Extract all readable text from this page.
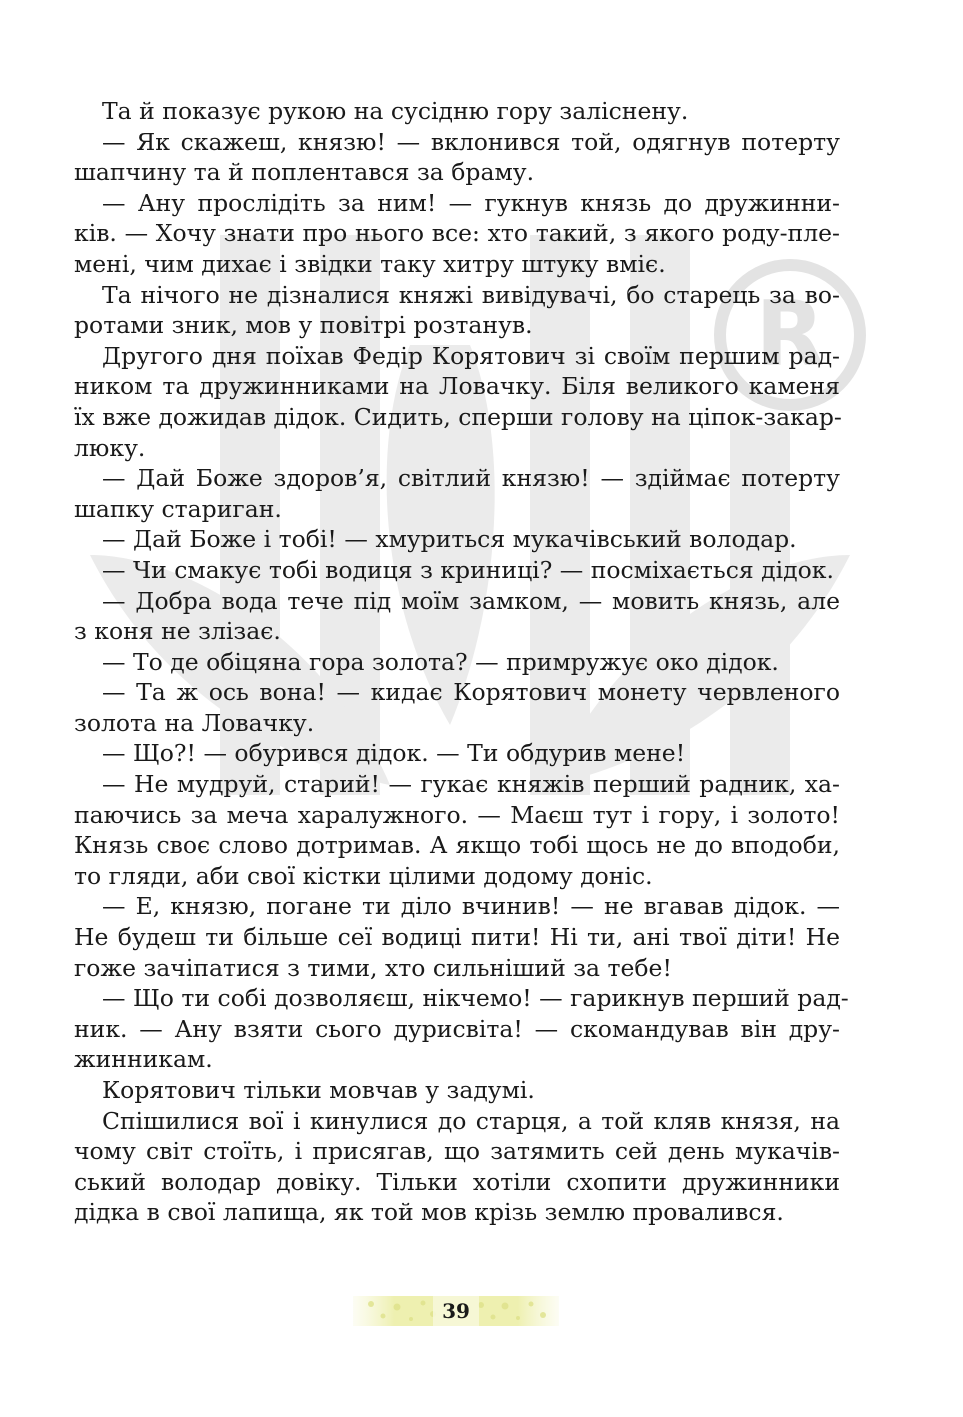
R
Та й показує рукою на сусідню гору заліснену.
— Як скажеш, князю! — вклонився той, одягнув потерту
шапчину та й поплентався за браму.
— Ану прослідіть за ним! — гукнув князь до дружинни-
ків. — Хочу знати про нього все: хто такий, з якого роду-пле-
мені, чим дихає і звідки таку хитру штуку вміє.
Та нічого не дізналися княжі вивідувачі, бо старець за во-
ротами зник, мов у повітрі розтанув.
Другого дня поїхав Федір Корятович зі своїм першим рад-
ником та дружинниками на Ловачку. Біля великого каменя
їх вже дожидав дідок. Сидить, сперши голову на ціпок-закар-
люку.
— Дай Боже здоров’я, світлий князю! — здіймає потерту
шапку стариган.
— Дай Боже і тобі! — хмуриться мукачівський володар.
— Чи смакує тобі водиця з криниці? — посміхається дідок.
— Добра вода тече під моїм замком, — мовить князь, але
з коня не злізає.
— То де обіцяна гора золота? — примружує око дідок.
— Та ж ось вона! — кидає Корятович монету червленого
золота на Ловачку.
— Що?! — обурився дідок. — Ти обдурив мене!
— Не мудруй, старий! — гукає княжів перший радник, ха-
паючись за меча харалужного. — Маєш тут і гору, і золото!
Князь своє слово дотримав. А якщо тобі щось не до вподоби,
то гляди, аби свої кістки цілими додому доніс.
— Е, князю, погане ти діло вчинив! — не вгавав дідок. —
Не будеш ти більше сеї водиці пити! Ні ти, ані твої діти! Не
гоже зачіпатися з тими, хто сильніший за тебе!
— Що ти собі дозволяєш, нікчемо! — гарикнув перший рад-
ник. — Ану взяти сього дурисвіта! — скомандував він дру-
жинникам.
Корятович тільки мовчав у задумі.
Спішилися вої і кинулися до старця, а той кляв князя, на
чому світ стоїть, і присягав, що затямить сей день мукачів-
ський володар довіку. Тільки хотіли схопити дружинники
дідка в свої лапища, як той мов крізь землю провалився.
39
